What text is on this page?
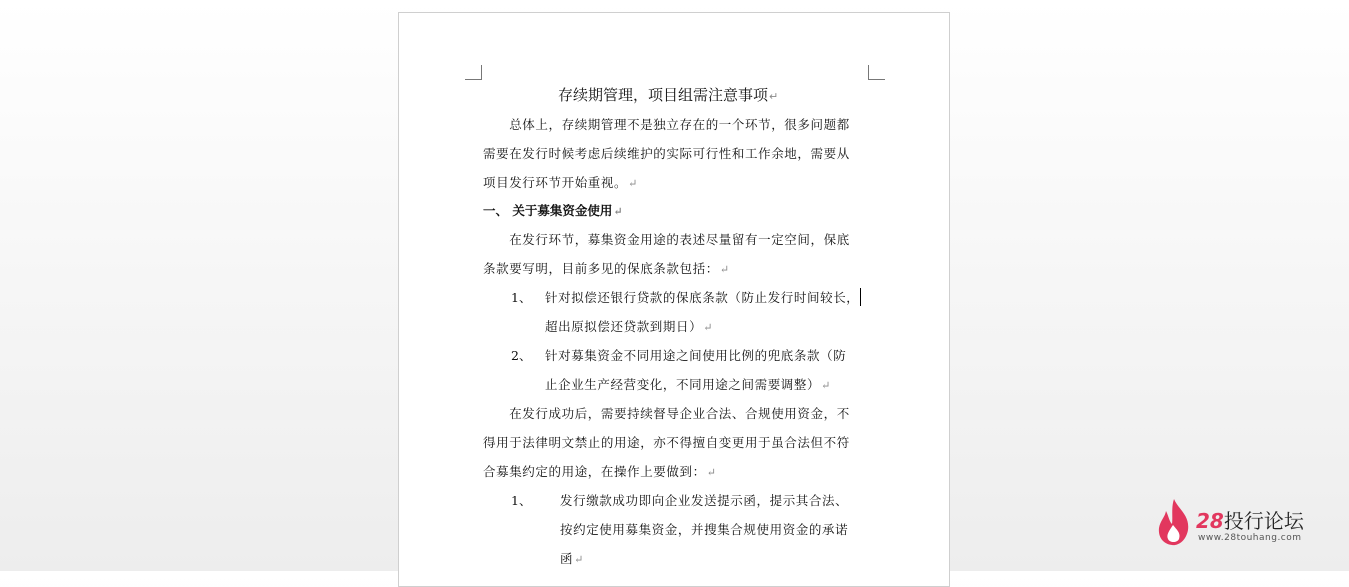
存续期管理，项目组需注意事项↵
　　总体上，存续期管理不是独立存在的一个环节，很多问题都
需要在发行时候考虑后续维护的实际可行性和工作余地，需要从
项目发行环节开始重视。↵
一、 关于募集资金使用↵
　　在发行环节，募集资金用途的表述尽量留有一定空间，保底
条款要写明，目前多见的保底条款包括：↵
1、 针对拟偿还银行贷款的保底条款（防止发行时间较长，
超出原拟偿还贷款到期日）↵
2、 针对募集资金不同用途之间使用比例的兜底条款（防
止企业生产经营变化，不同用途之间需要调整）↵
　　在发行成功后，需要持续督导企业合法、合规使用资金，不
得用于法律明文禁止的用途，亦不得擅自变更用于虽合法但不符
合募集约定的用途，在操作上要做到：↵
1、 发行缴款成功即向企业发送提示函，提示其合法、
按约定使用募集资金，并搜集合规使用资金的承诺
函↵
28投行论坛
www.28touhang.com
